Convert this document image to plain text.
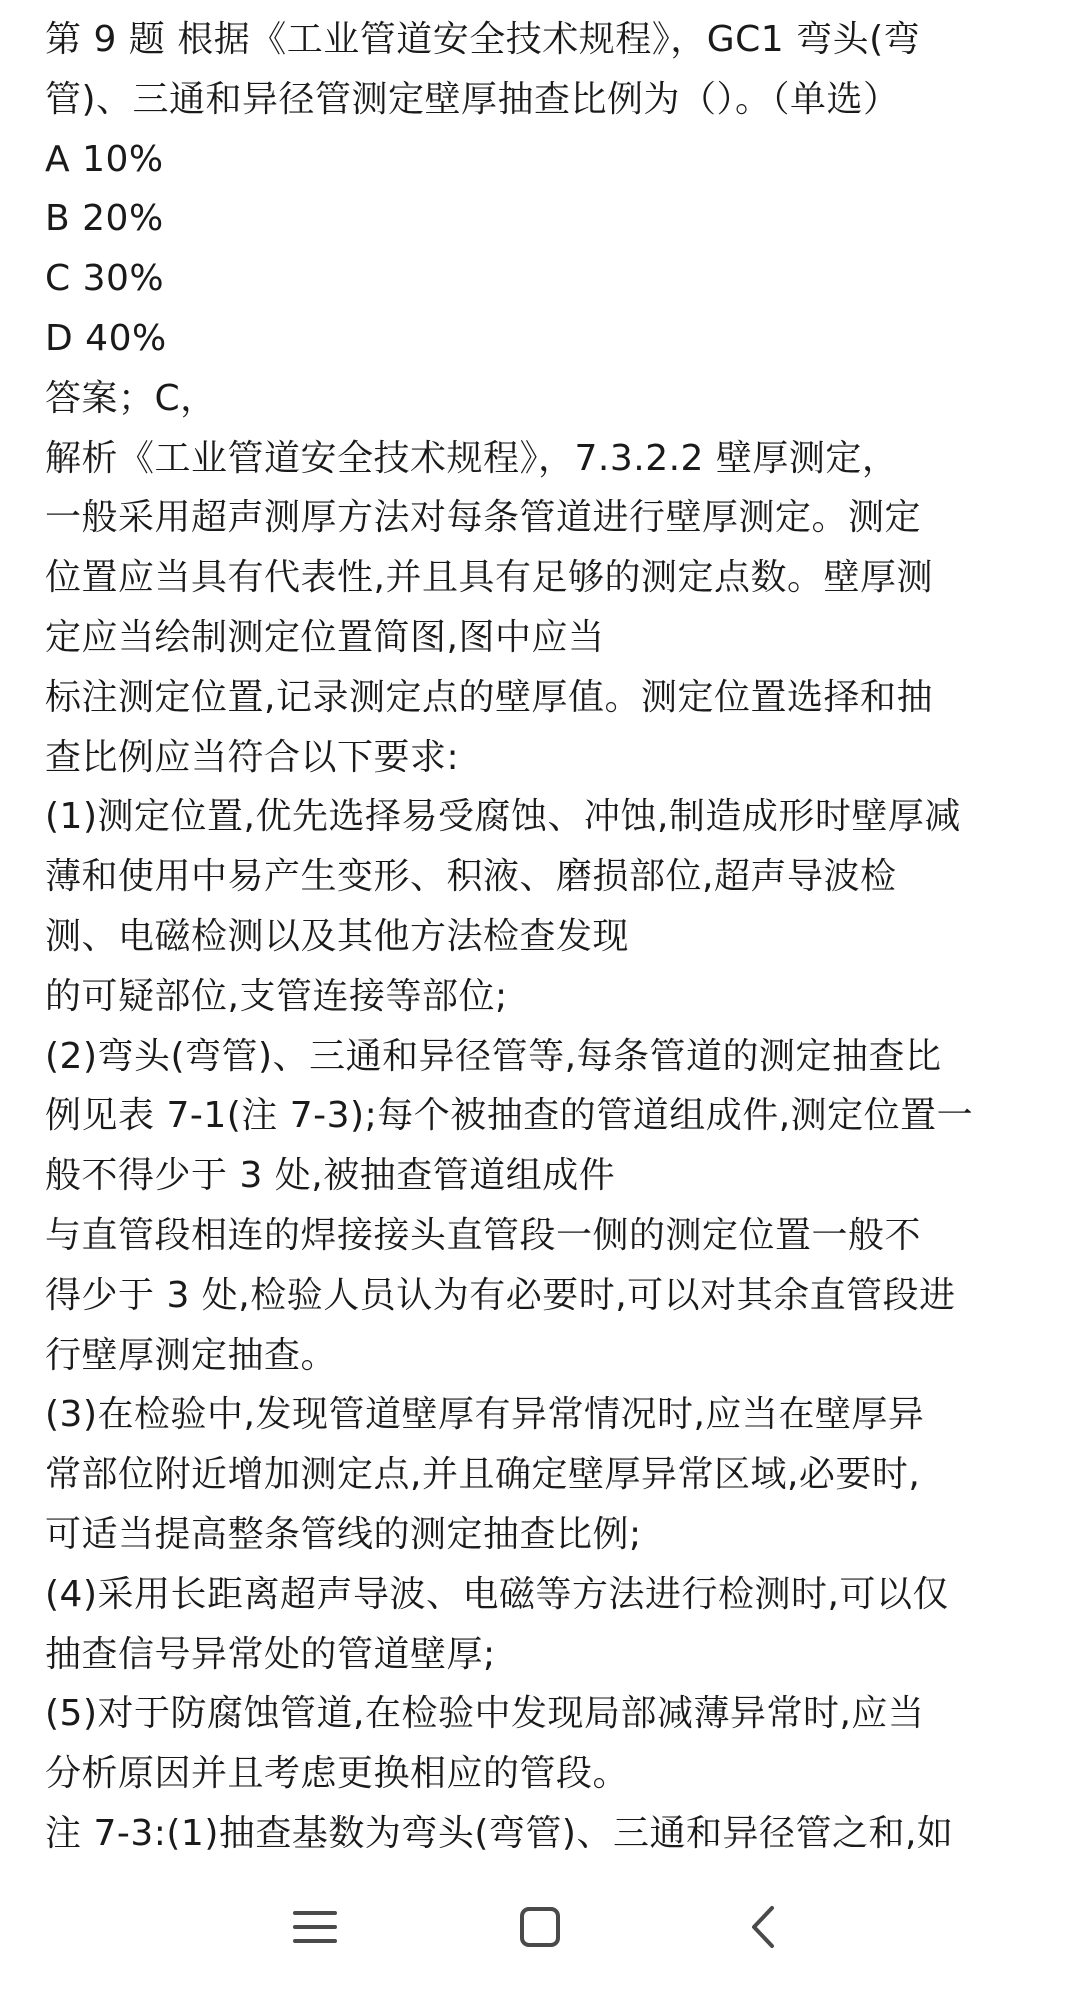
第 9 题 根据《工业管道安全技术规程》，GC1 弯头(弯
管)、三通和异径管测定壁厚抽查比例为（）。（单选）
A 10%
B 20%
C 30%
D 40%
答案；C，
解析《工业管道安全技术规程》，7.3.2.2 壁厚测定，
一般采用超声测厚方法对每条管道进行壁厚测定。测定
位置应当具有代表性,并且具有足够的测定点数。壁厚测
定应当绘制测定位置简图,图中应当
标注测定位置,记录测定点的壁厚值。测定位置选择和抽
查比例应当符合以下要求:
(1)测定位置,优先选择易受腐蚀、冲蚀,制造成形时壁厚减
薄和使用中易产生变形、积液、磨损部位,超声导波检
测、电磁检测以及其他方法检查发现
的可疑部位,支管连接等部位;
(2)弯头(弯管)、三通和异径管等,每条管道的测定抽查比
例见表 7-1(注 7-3);每个被抽查的管道组成件,测定位置一
般不得少于 3 处,被抽查管道组成件
与直管段相连的焊接接头直管段一侧的测定位置一般不
得少于 3 处,检验人员认为有必要时,可以对其余直管段进
行壁厚测定抽查。
(3)在检验中,发现管道壁厚有异常情况时,应当在壁厚异
常部位附近增加测定点,并且确定壁厚异常区域,必要时,
可适当提高整条管线的测定抽查比例;
(4)采用长距离超声导波、电磁等方法进行检测时,可以仅
抽查信号异常处的管道壁厚;
(5)对于防腐蚀管道,在检验中发现局部减薄异常时,应当
分析原因并且考虑更换相应的管段。
注 7-3:(1)抽查基数为弯头(弯管)、三通和异径管之和,如
